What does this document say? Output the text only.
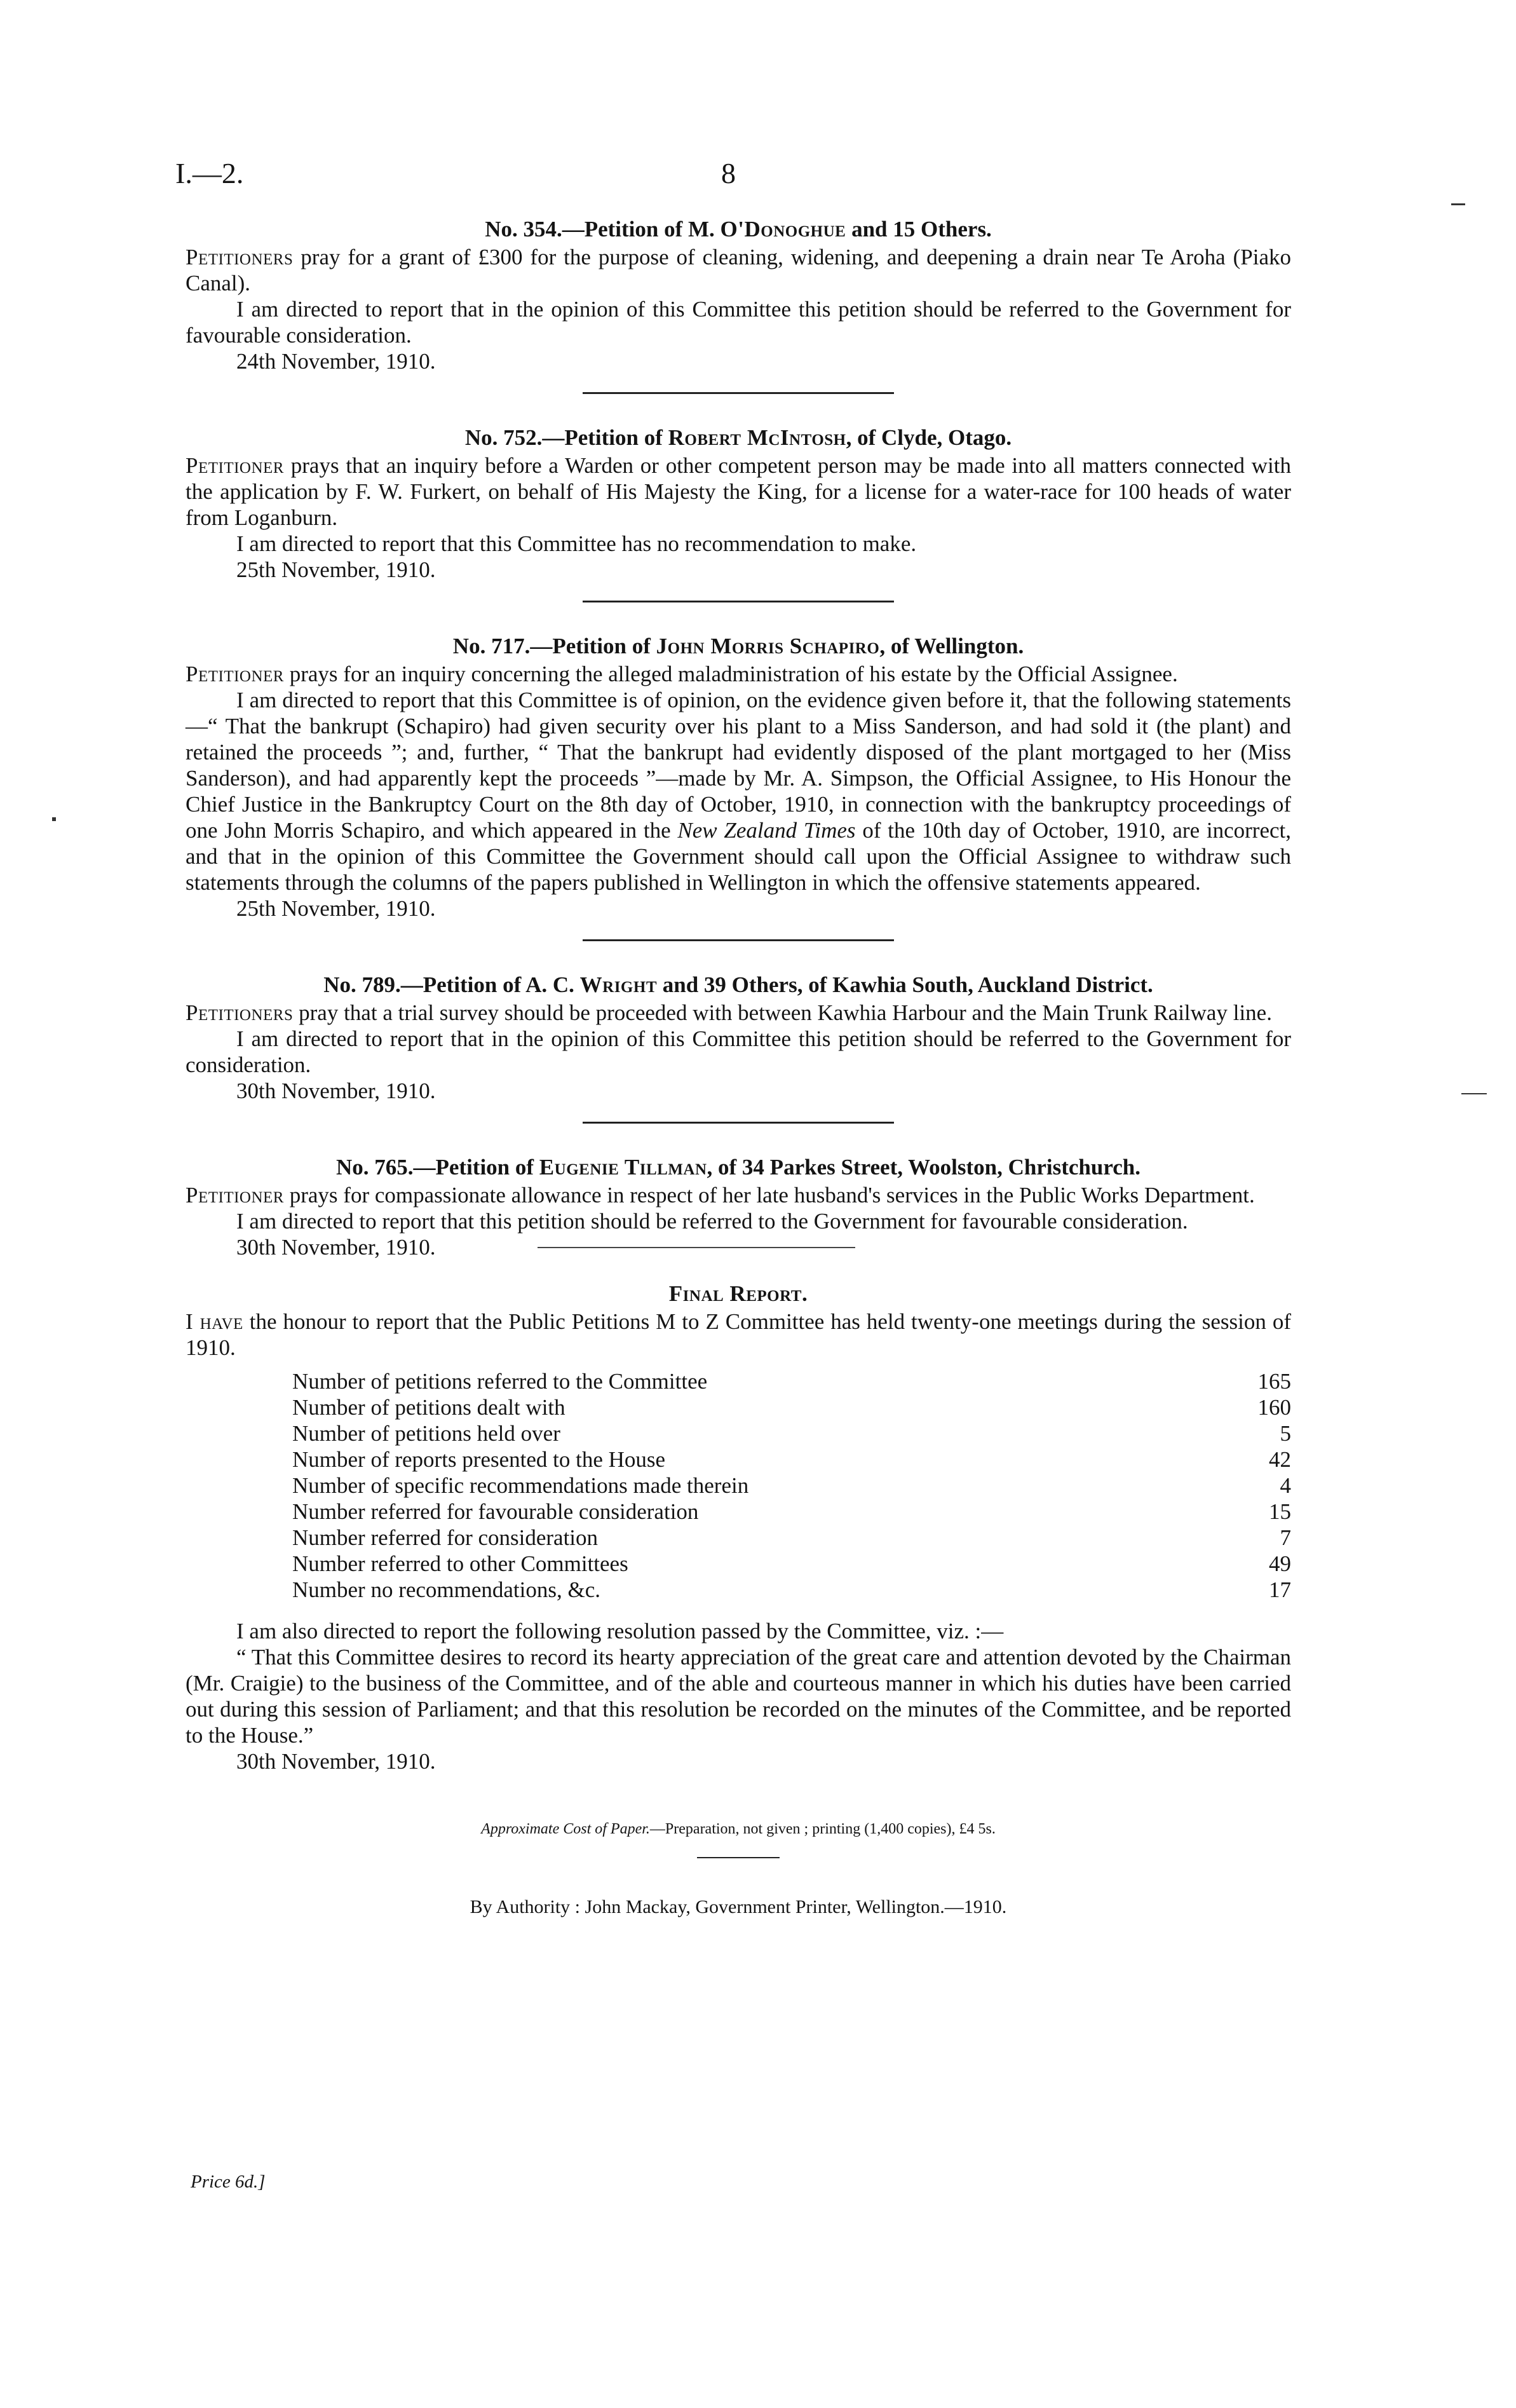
I.—2.	8
No. 354.—Petition of M. O'Donoghue and 15 Others.

Petitioners pray for a grant of £300 for the purpose of cleaning, widening, and deepening a drain near Te Aroha (Piako Canal).

I am directed to report that in the opinion of this Committee this petition should be referred to the Government for favourable consideration.

24th November, 1910.

No. 752.—Petition of Robert McIntosh, of Clyde, Otago.

Petitioner prays that an inquiry before a Warden or other competent person may be made into all matters connected with the application by F. W. Furkert, on behalf of His Majesty the King, for a license for a water-race for 100 heads of water from Loganburn.

I am directed to report that this Committee has no recommendation to make.

25th November, 1910.

No. 717.—Petition of John Morris Schapiro, of Wellington.

Petitioner prays for an inquiry concerning the alleged maladministration of his estate by the Official Assignee.

I am directed to report that this Committee is of opinion, on the evidence given before it, that the following statements—“ That the bankrupt (Schapiro) had given security over his plant to a Miss Sanderson, and had sold it (the plant) and retained the proceeds ”; and, further, “ That the bankrupt had evidently disposed of the plant mortgaged to her (Miss Sanderson), and had apparently kept the proceeds ”—made by Mr. A. Simpson, the Official Assignee, to His Honour the Chief Justice in the Bankruptcy Court on the 8th day of October, 1910, in connection with the bankruptcy proceedings of one John Morris Schapiro, and which appeared in the New Zealand Times of the 10th day of October, 1910, are incorrect, and that in the opinion of this Committee the Government should call upon the Official Assignee to withdraw such statements through the columns of the papers published in Wellington in which the offensive statements appeared.

25th November, 1910.

No. 789.—Petition of A. C. Wright and 39 Others, of Kawhia South, Auckland District.

Petitioners pray that a trial survey should be proceeded with between Kawhia Harbour and the Main Trunk Railway line.

I am directed to report that in the opinion of this Committee this petition should be referred to the Government for consideration.

30th November, 1910.

No. 765.—Petition of Eugenie Tillman, of 34 Parkes Street, Woolston, Christchurch.

Petitioner prays for compassionate allowance in respect of her late husband's services in the Public Works Department.

I am directed to report that this petition should be referred to the Government for favourable consideration.

30th November, 1910.

Final Report.

I have the honour to report that the Public Petitions M to Z Committee has held twenty-one meetings during the session of 1910.

Number of petitions referred to the Committee	165
Number of petitions dealt with	160
Number of petitions held over	5
Number of reports presented to the House	42
Number of specific recommendations made therein	4
Number referred for favourable consideration	15
Number referred for consideration	7
Number referred to other Committees	49
Number no recommendations, &c.	17

I am also directed to report the following resolution passed by the Committee, viz. :—

“ That this Committee desires to record its hearty appreciation of the great care and attention devoted by the Chairman (Mr. Craigie) to the business of the Committee, and of the able and courteous manner in which his duties have been carried out during this session of Parliament; and that this resolution be recorded on the minutes of the Committee, and be reported to the House.”

30th November, 1910.

Approximate Cost of Paper.—Preparation, not given ; printing (1,400 copies), £4 5s.
By Authority : John Mackay, Government Printer, Wellington.—1910.
Price 6d.]
